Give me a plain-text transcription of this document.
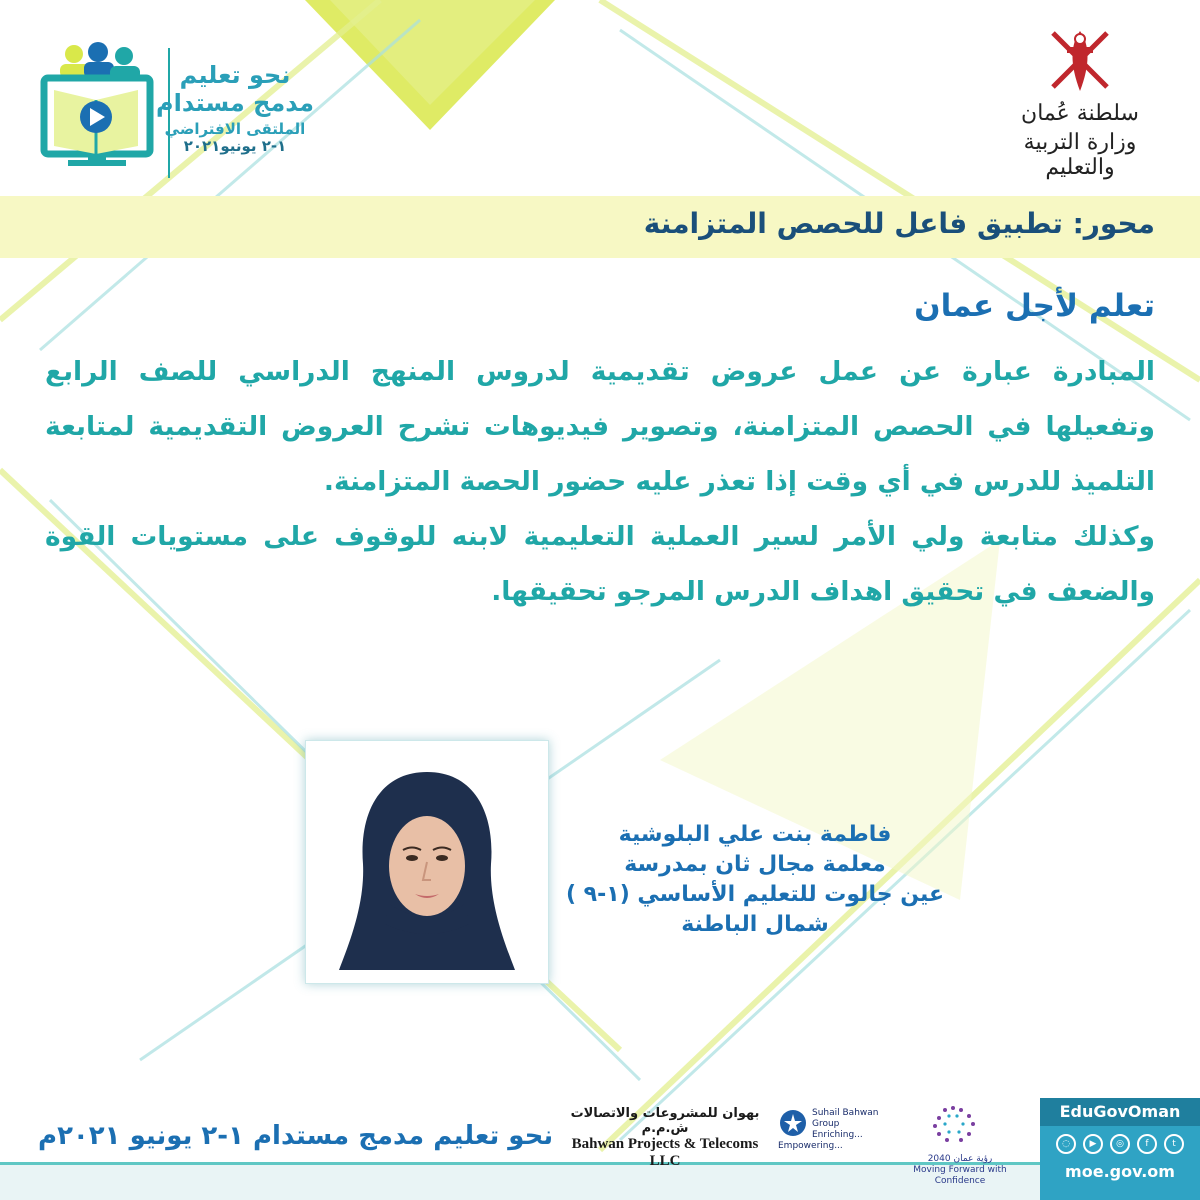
نحو تعليم
مدمج مستدام
الملتقى الافتراضي
١-٢ يونيو٢٠٢١
سلطنة عُمان
وزارة التربية والتعليم
محور: تطبيق فاعل للحصص المتزامنة
تعلم لأجل عمان

المبادرة عبارة عن عمل عروض تقديمية لدروس المنهج الدراسي للصف الرابع وتفعيلها في الحصص المتزامنة، وتصوير فيديوهات تشرح العروض التقديمية لمتابعة التلميذ للدرس في أي وقت إذا تعذر عليه حضور الحصة المتزامنة.

وكذلك متابعة ولي الأمر لسير العملية التعليمية لابنه للوقوف على مستويات القوة والضعف في تحقيق اهداف الدرس المرجو تحقيقها.

فاطمة بنت علي البلوشية
معلمة مجال ثان بمدرسة
عين جالوت للتعليم الأساسي (١-٩ )
شمال الباطنة
نحو تعليم مدمج مستدام ١-٢ يونيو ٢٠٢١م
بهوان للمشروعات والاتصالات ش.م.م
Bahwan Projects & Telecoms LLC
Suhail Bahwan Group
Enriching... Empowering...
رؤية عمان 2040
Moving Forward with Confidence
EduGovOman
◌	▶	◎	f	t
moe.gov.om
